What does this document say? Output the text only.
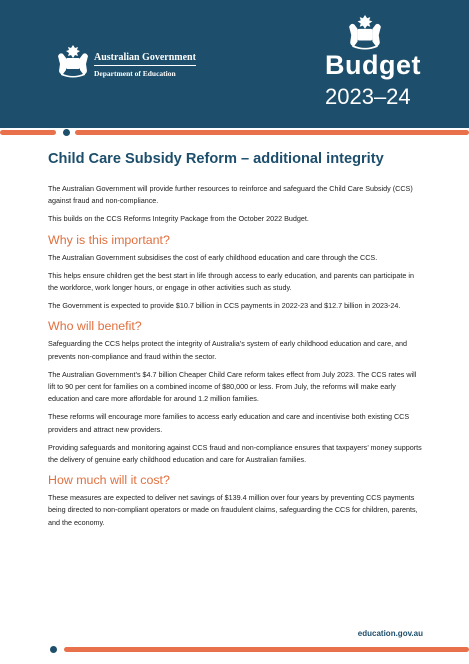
Australian Government
Department of Education	Budget
2023–24
Child Care Subsidy Reform – additional integrity

The Australian Government will provide further resources to reinforce and safeguard the Child Care Subsidy (CCS) against fraud and non-compliance.

This builds on the CCS Reforms Integrity Package from the October 2022 Budget.

Why is this important?

The Australian Government subsidises the cost of early childhood education and care through the CCS.

This helps ensure children get the best start in life through access to early education, and parents can participate in the workforce, work longer hours, or engage in other activities such as study.

The Government is expected to provide $10.7 billion in CCS payments in 2022-23 and $12.7 billion in 2023-24.

Who will benefit?

Safeguarding the CCS helps protect the integrity of Australia’s system of early childhood education and care, and prevents non-compliance and fraud within the sector.

The Australian Government’s $4.7 billion Cheaper Child Care reform takes effect from July 2023. The CCS rates will lift to 90 per cent for families on a combined income of $80,000 or less. From July, the reforms will make early education and care more affordable for around 1.2 million families.

These reforms will encourage more families to access early education and care and incentivise both existing CCS providers and attract new providers.

Providing safeguards and monitoring against CCS fraud and non-compliance ensures that taxpayers’ money supports the delivery of genuine early childhood education and care for Australian families.

How much will it cost?

These measures are expected to deliver net savings of $139.4 million over four years by preventing CCS payments being directed to non-compliant operators or made on fraudulent claims, safeguarding the CCS for children, parents, and the economy.

education.gov.au
